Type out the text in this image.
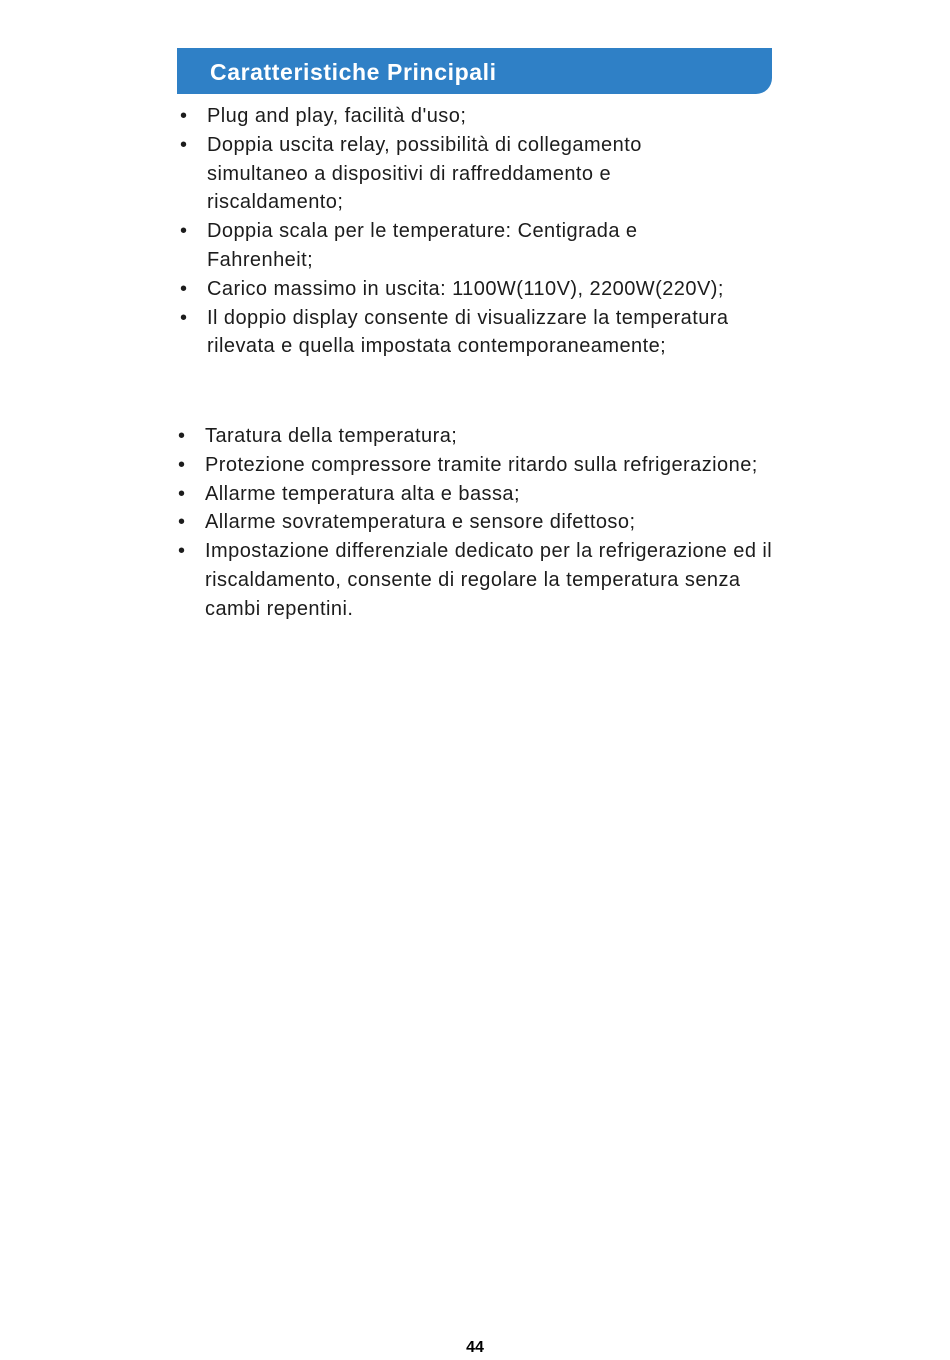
Caratteristiche Principali
• Plug and play, facilità d'uso;
• Doppia uscita relay, possibilità di collegamento simultaneo a dispositivi di raffreddamento e riscaldamento;
• Doppia scala per le temperature: Centigrada e Fahrenheit;
• Carico massimo in uscita: 1100W(110V), 2200W(220V);
• Il doppio display consente di visualizzare la temperatura rilevata e quella impostata contemporaneamente;
• Taratura della temperatura;
• Protezione compressore tramite ritardo sulla refrigerazione;
• Allarme temperatura alta e bassa;
• Allarme sovratemperatura e sensore difettoso;
• Impostazione differenziale dedicato per la refrigerazione ed il riscaldamento, consente di regolare la temperatura senza cambi repentini.
44
